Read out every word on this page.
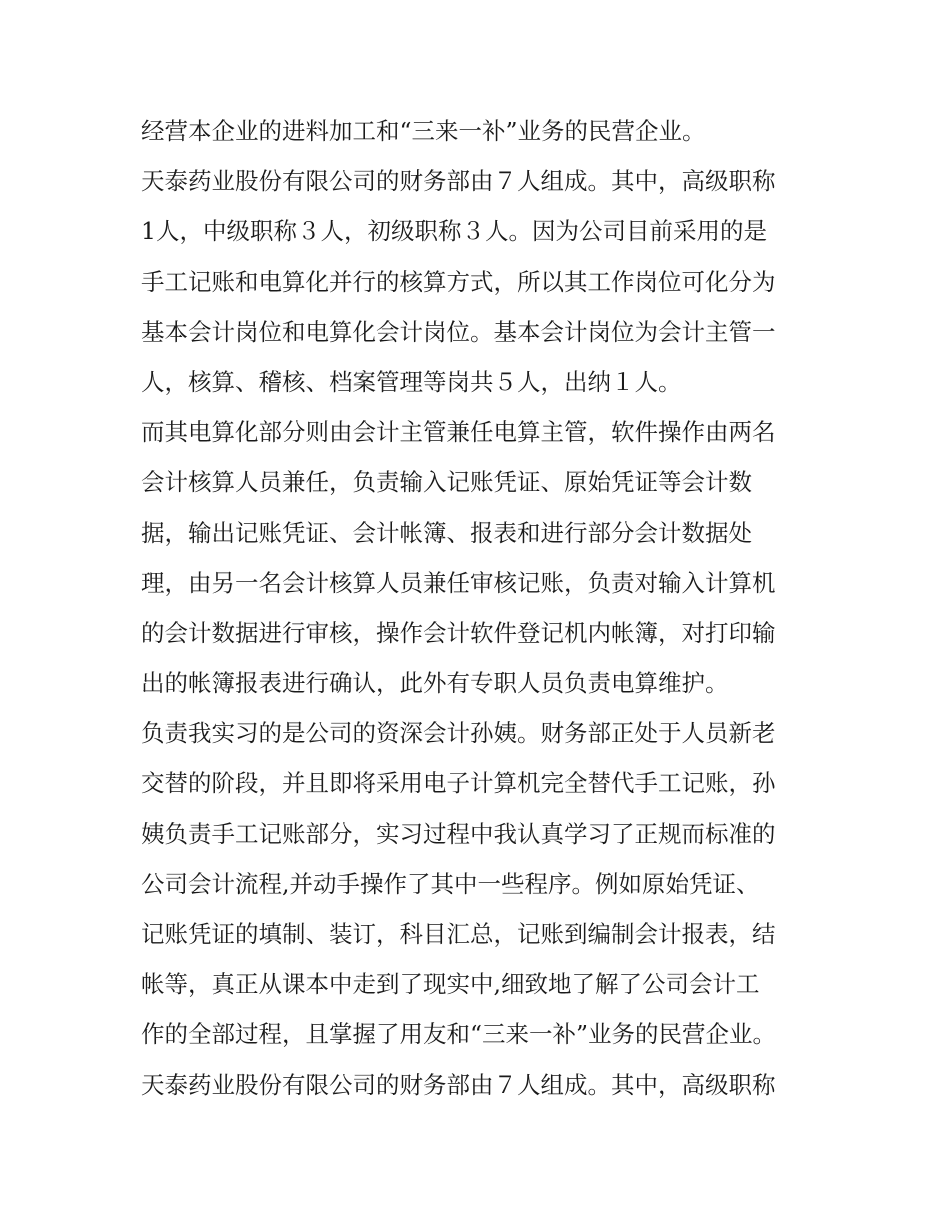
经营本企业的进料加工和“三来一补”业务的民营企业。
天泰药业股份有限公司的财务部由７人组成。其中，高级职称
1人，中级职称３人，初级职称３人。因为公司目前采用的是
手工记账和电算化并行的核算方式，所以其工作岗位可化分为
基本会计岗位和电算化会计岗位。基本会计岗位为会计主管一
人，核算、稽核、档案管理等岗共５人，出纳１人。
而其电算化部分则由会计主管兼任电算主管，软件操作由两名
会计核算人员兼任，负责输入记账凭证、原始凭证等会计数
据，输出记账凭证、会计帐簿、报表和进行部分会计数据处
理，由另一名会计核算人员兼任审核记账，负责对输入计算机
的会计数据进行审核，操作会计软件登记机内帐簿，对打印输
出的帐簿报表进行确认，此外有专职人员负责电算维护。
负责我实习的是公司的资深会计孙姨。财务部正处于人员新老
交替的阶段，并且即将采用电子计算机完全替代手工记账，孙
姨负责手工记账部分，实习过程中我认真学习了正规而标准的
公司会计流程,并动手操作了其中一些程序。例如原始凭证、
记账凭证的填制、装订，科目汇总，记账到编制会计报表，结
帐等，真正从课本中走到了现实中,细致地了解了公司会计工
作的全部过程，且掌握了用友和“三来一补”业务的民营企业。
天泰药业股份有限公司的财务部由７人组成。其中，高级职称
